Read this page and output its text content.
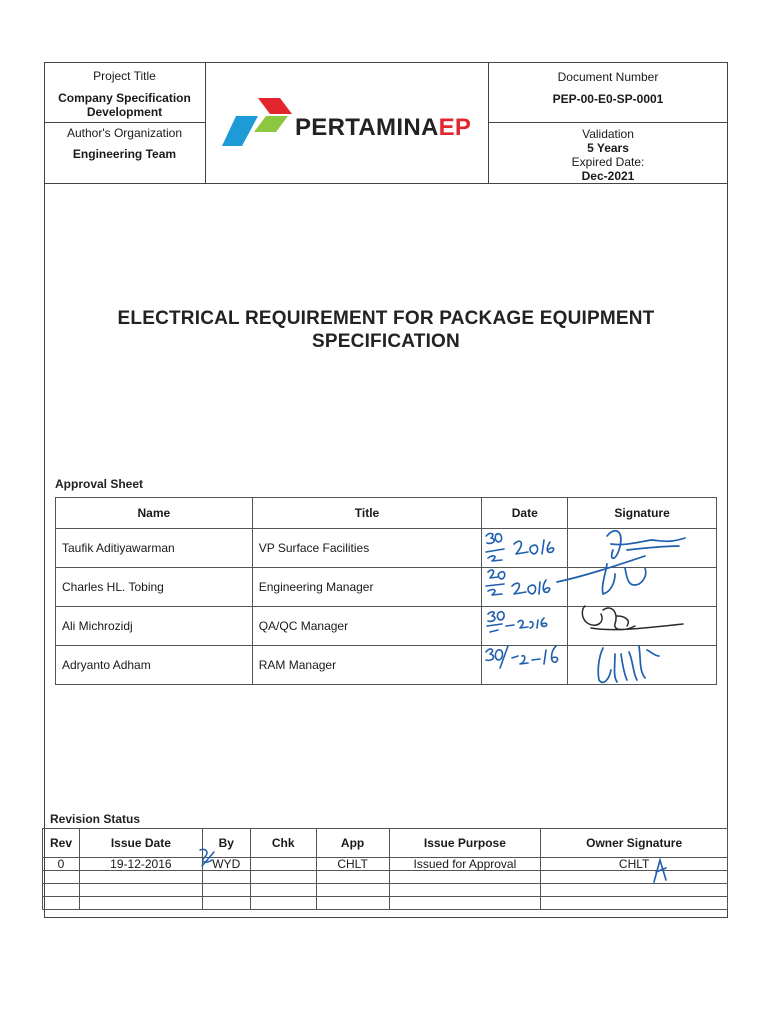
Project Title
Company Specification
Development
Author's Organization
Engineering Team
Document Number
PEP-00-E0-SP-0001
Validation
5 Years
Expired Date:
Dec-2021
PERTAMINAEP
ELECTRICAL REQUIREMENT FOR PACKAGE EQUIPMENT
SPECIFICATION
Approval Sheet
Name	Title	Date	Signature
Taufik Aditiyawarman	VP Surface Facilities		
Charles HL. Tobing	Engineering Manager		
Ali Michrozidj	QA/QC Manager		
Adryanto Adham	RAM Manager		
Revision Status
Rev	Issue Date	By	Chk	App	Issue Purpose	Owner Signature
0	19-12-2016	WYD		CHLT	Issued for Approval	CHLT
